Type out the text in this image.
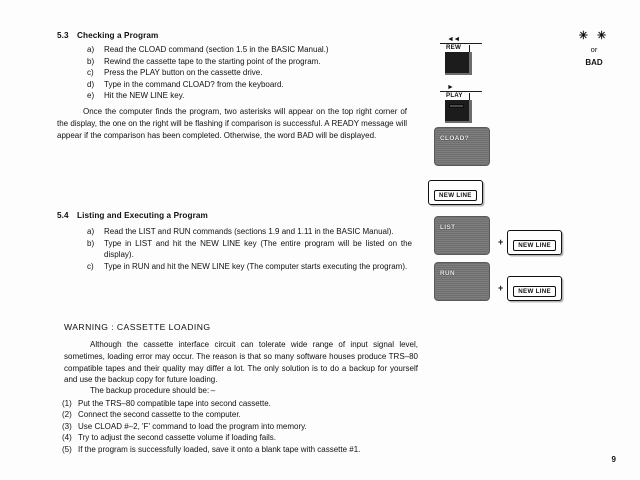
5.3 Checking a Program
a)	Read the CLOAD command (section 1.5 in the BASIC Manual.)
b)	Rewind the cassette tape to the starting point of the program.
c)	Press the PLAY button on the cassette drive.
d)	Type in the command CLOAD? from the keyboard.
e)	Hit the NEW LINE key.
Once the computer finds the program, two asterisks will appear on the top right corner of the display, the one on the right will be flashing if comparison is successful. A READY message will appear if the comparison has been completed. Otherwise, the word BAD will be displayed.
5.4 Listing and Executing a Program
a)	Read the LIST and RUN commands (sections 1.9 and 1.11 in the BASIC Manual).
b)	Type in LIST and hit the NEW LINE key (The entire program will be listed on the display).
c)	Type in RUN and hit the NEW LINE key (The computer starts executing the program).
WARNING : CASSETTE LOADING
Although the cassette interface circuit can tolerate wide range of input signal level, sometimes, loading error may occur. The reason is that so many software houses produce TRS–80 compatible tapes and their quality may differ a lot. The only solution is to do a backup for yourself and use the backup copy for future loading.
The backup procedure should be: –
(1) Put the TRS–80 compatible tape into second cassette.
(2) Connect the second cassette to the computer.
(3) Use CLOAD #–2, 'F' command to load the program into memory.
(4) Try to adjust the second cassette volume if loading fails.
(5) If the program is successfully loaded, save it onto a blank tape with cassette #1.
9
◄◄
REW
►
PLAY
CLOAD?
NEW LINE
LIST
+	NEW LINE
RUN
+	NEW LINE
✳ ✳
or
BAD
